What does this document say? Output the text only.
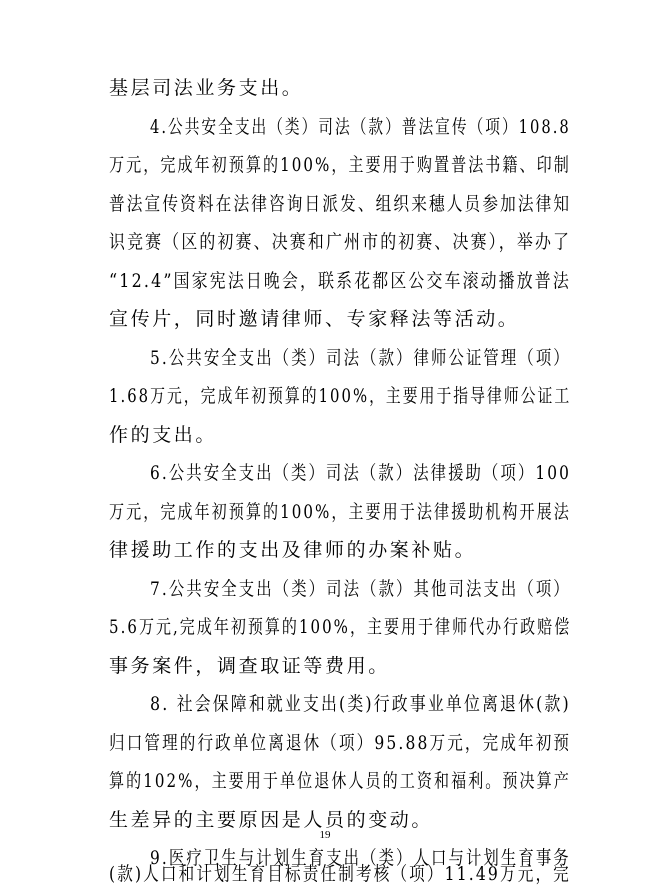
基层司法业务支出。
4.公共安全支出（类）司法（款）普法宣传（项）108.8
万元，完成年初预算的100%，主要用于购置普法书籍、印制
普法宣传资料在法律咨询日派发、组织来穗人员参加法律知
识竞赛（区的初赛、决赛和广州市的初赛、决赛），举办了
“12.4”国家宪法日晚会，联系花都区公交车滚动播放普法
宣传片，同时邀请律师、专家释法等活动。
5.公共安全支出（类）司法（款）律师公证管理（项）
1.68万元，完成年初预算的100%，主要用于指导律师公证工
作的支出。
6.公共安全支出（类）司法（款）法律援助（项）100
万元，完成年初预算的100%，主要用于法律援助机构开展法
律援助工作的支出及律师的办案补贴。
7.公共安全支出（类）司法（款）其他司法支出（项）
5.6万元,完成年初预算的100%，主要用于律师代办行政赔偿
事务案件，调查取证等费用。
8. 社会保障和就业支出(类)行政事业单位离退休(款)
归口管理的行政单位离退休（项）95.88万元，完成年初预
算的102%，主要用于单位退休人员的工资和福利。预决算产
生差异的主要原因是人员的变动。
9.医疗卫生与计划生育支出（类）人口与计划生育事务
(款)人口和计划生育目标责任制考核（项）11.49万元，完
19
